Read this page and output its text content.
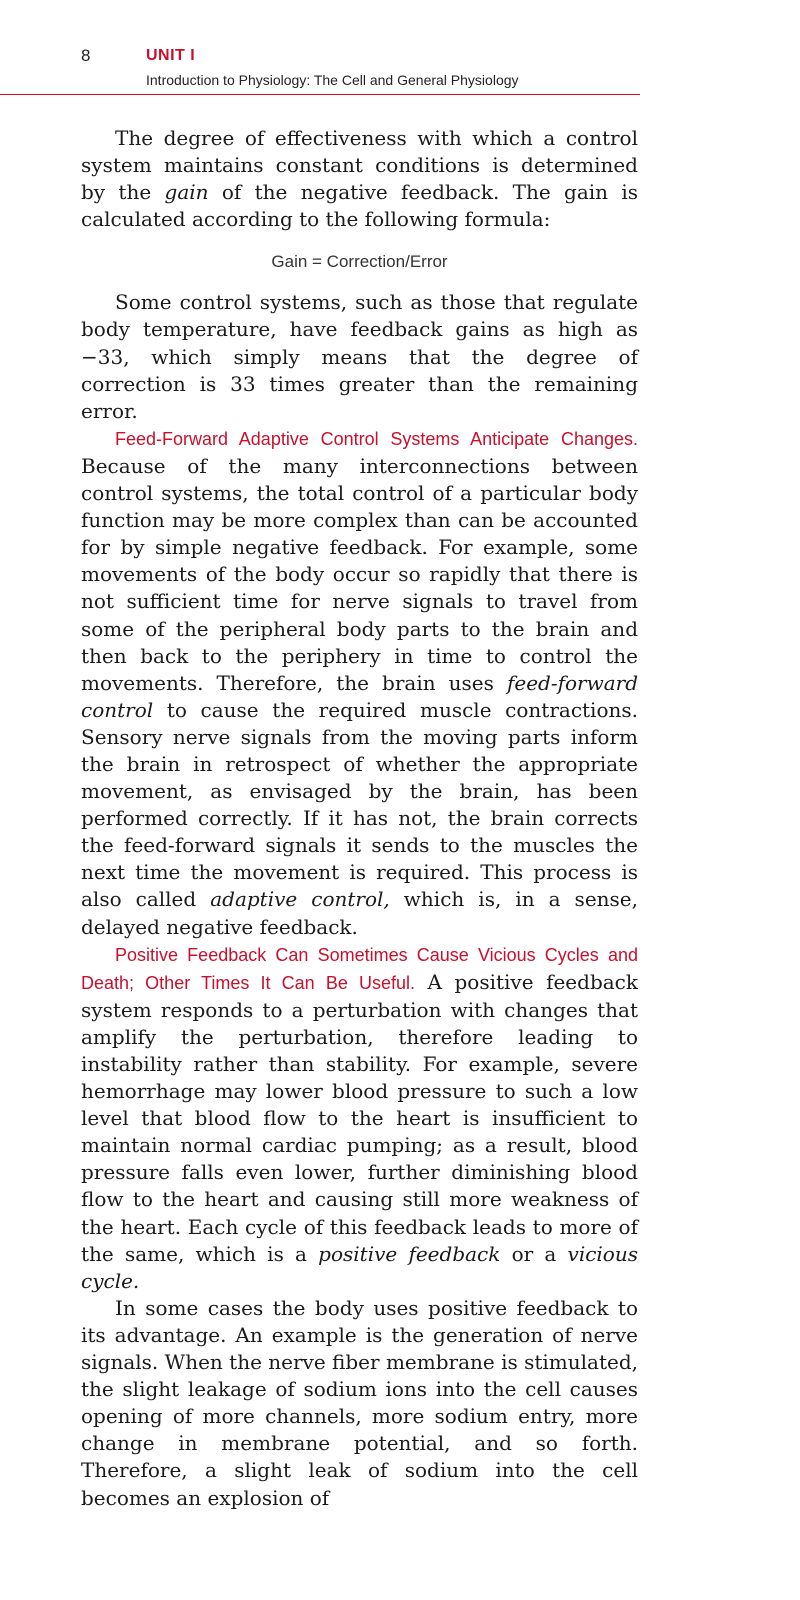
8	UNIT I
Introduction to Physiology: The Cell and General Physiology

The degree of effectiveness with which a control system maintains constant conditions is determined by the gain of the negative feedback. The gain is calculated according to the following formula:

Gain = Correction/Error

Some control systems, such as those that regulate body temperature, have feedback gains as high as −33, which simply means that the degree of correction is 33 times greater than the remaining error.

Feed-Forward Adaptive Control Systems Anticipate Changes. Because of the many interconnections between control systems, the total control of a particular body function may be more complex than can be accounted for by simple negative feedback. For example, some movements of the body occur so rapidly that there is not sufficient time for nerve signals to travel from some of the peripheral body parts to the brain and then back to the periphery in time to control the movements. Therefore, the brain uses feed-forward control to cause the required muscle contractions. Sensory nerve signals from the moving parts inform the brain in retrospect of whether the appropriate movement, as envisaged by the brain, has been performed correctly. If it has not, the brain corrects the feed-forward signals it sends to the muscles the next time the movement is required. This process is also called adaptive control, which is, in a sense, delayed negative feedback.

Positive Feedback Can Sometimes Cause Vicious Cycles and Death; Other Times It Can Be Useful. A positive feedback system responds to a perturbation with changes that amplify the perturbation, therefore leading to instability rather than stability. For example, severe hemorrhage may lower blood pressure to such a low level that blood flow to the heart is insufficient to maintain normal cardiac pumping; as a result, blood pressure falls even lower, further diminishing blood flow to the heart and causing still more weakness of the heart. Each cycle of this feedback leads to more of the same, which is a positive feedback or a vicious cycle.

In some cases the body uses positive feedback to its advantage. An example is the generation of nerve signals. When the nerve fiber membrane is stimulated, the slight leakage of sodium ions into the cell causes opening of more channels, more sodium entry, more change in membrane potential, and so forth. Therefore, a slight leak of sodium into the cell becomes an explosion of
